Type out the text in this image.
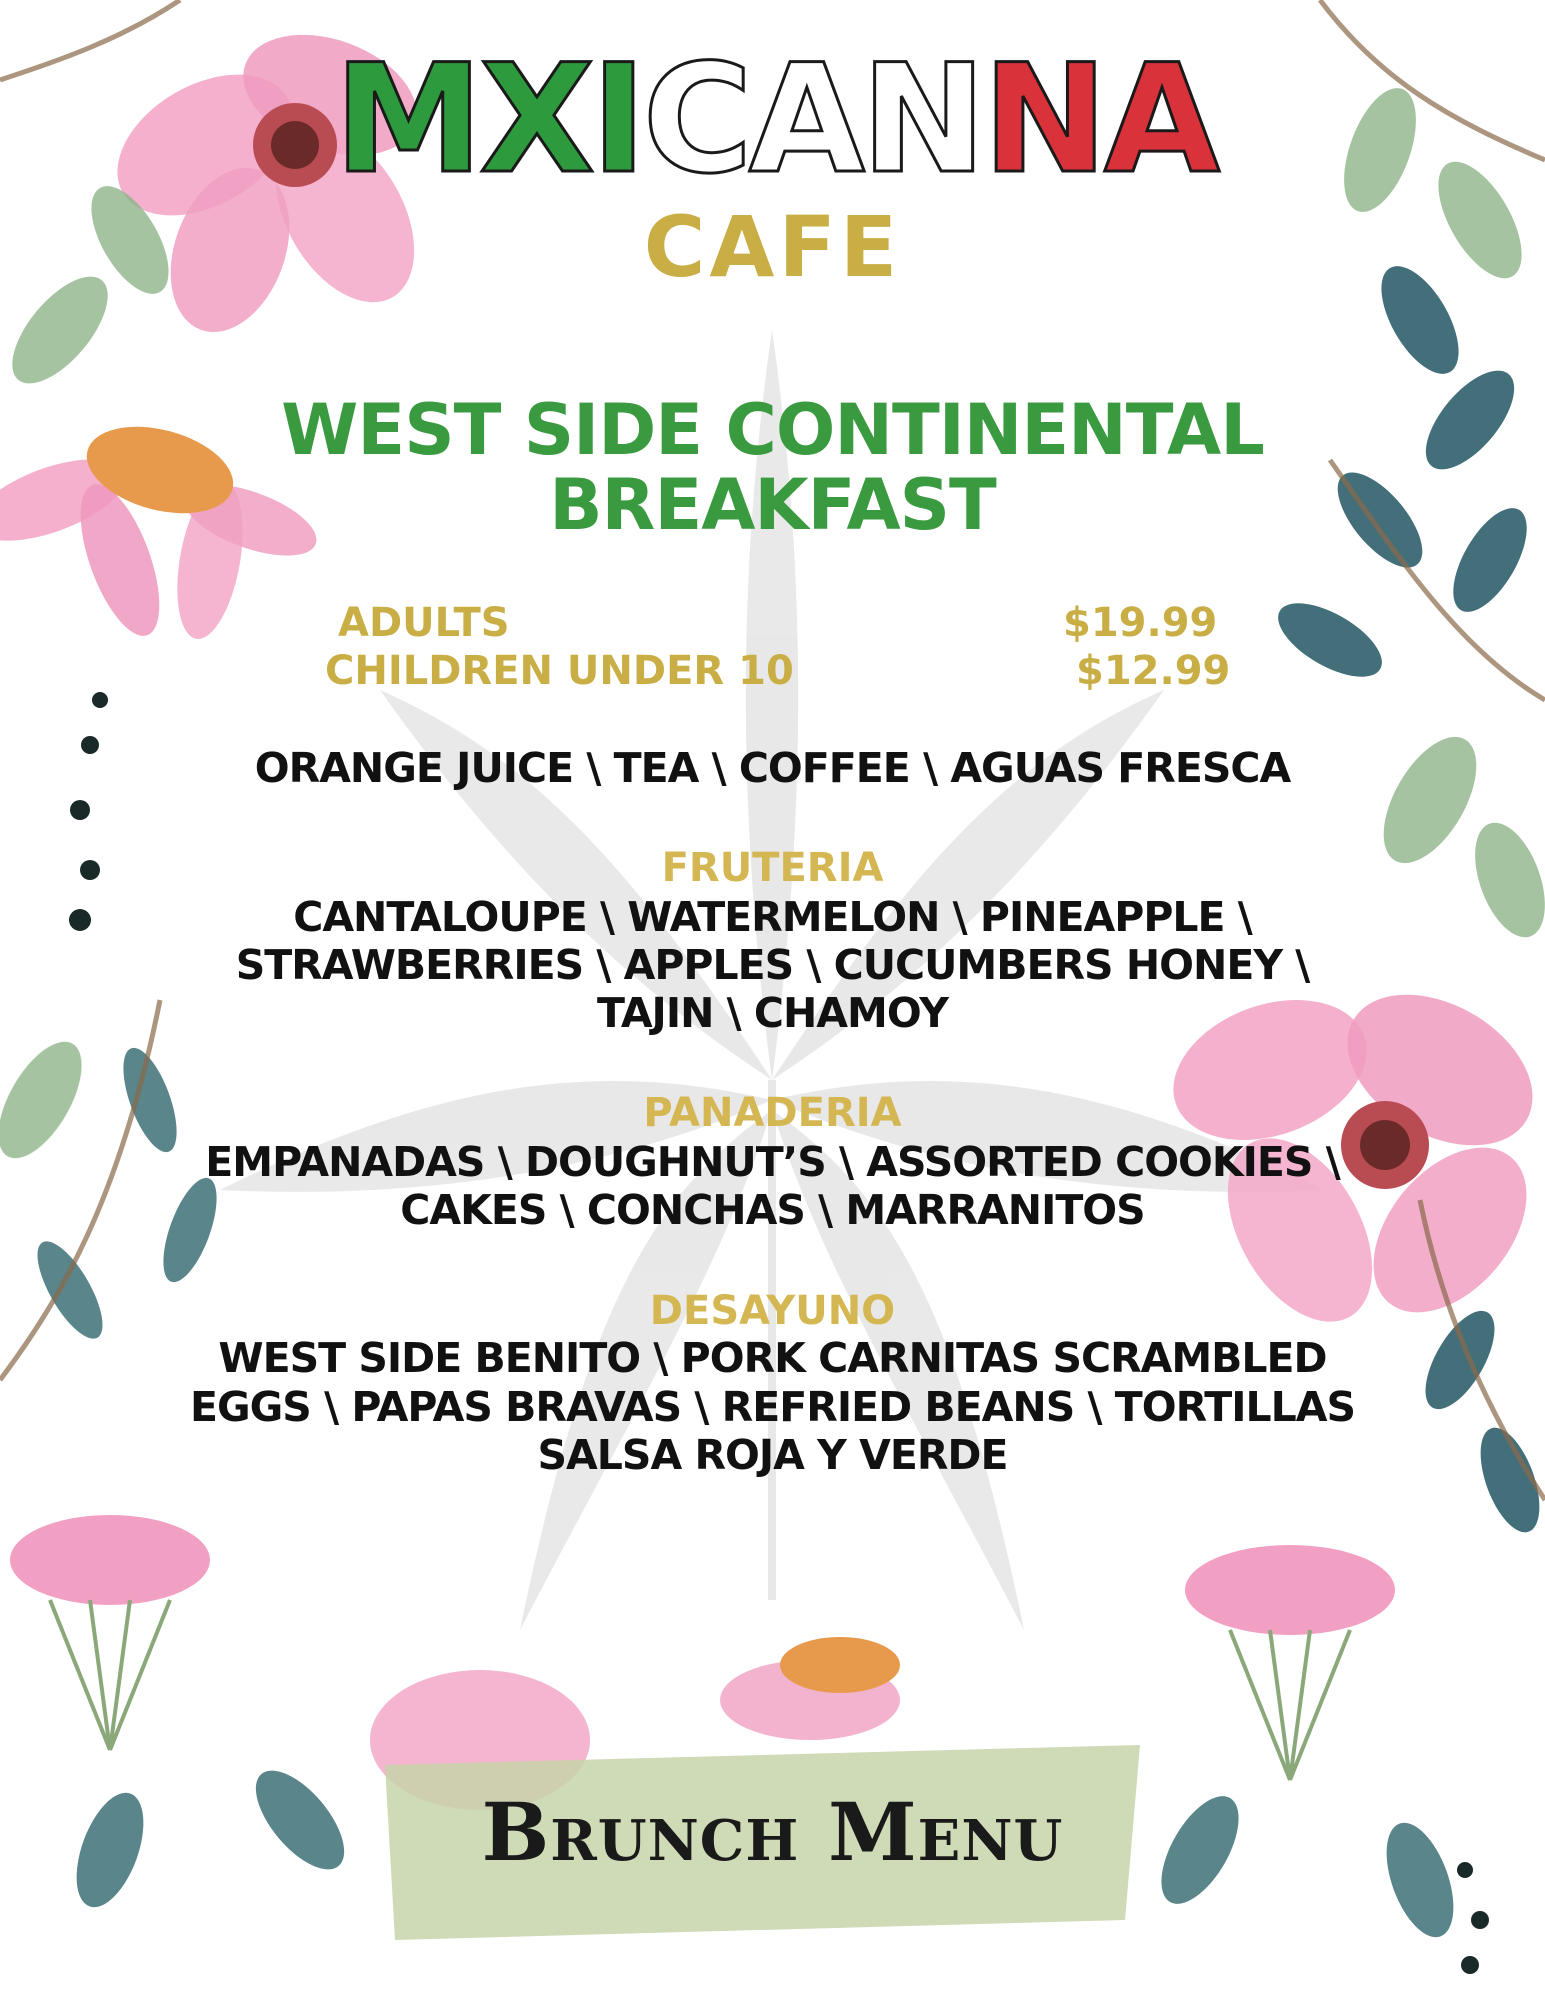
MXI CAN NA
CAFE
WEST SIDE CONTINENTAL
BREAKFAST
ADULTS	$19.99
CHILDREN UNDER 10	$12.99
ORANGE JUICE \ TEA \ COFFEE \ AGUAS FRESCA
FRUTERIA
CANTALOUPE \ WATERMELON \ PINEAPPLE \
STRAWBERRIES \ APPLES \ CUCUMBERS HONEY \
TAJIN \ CHAMOY
PANADERIA
EMPANADAS \ DOUGHNUT’S \ ASSORTED COOKIES \
CAKES \ CONCHAS \ MARRANITOS
DESAYUNO
WEST SIDE BENITO \ PORK CARNITAS SCRAMBLED
EGGS \ PAPAS BRAVAS \ REFRIED BEANS \ TORTILLAS
SALSA ROJA Y VERDE
Brunch Menu
